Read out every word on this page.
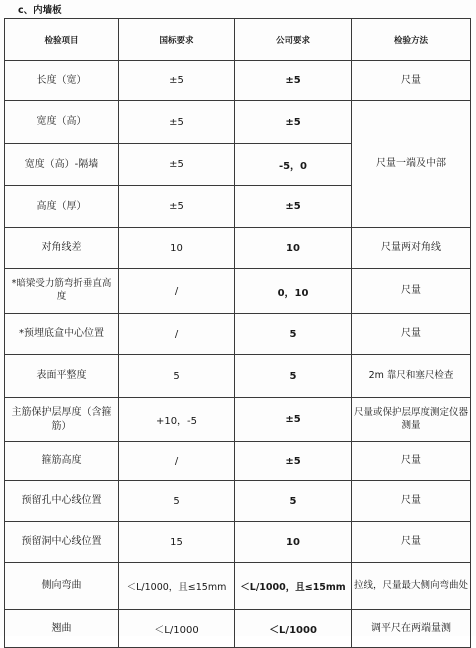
c、内墙板
检验项目	国标要求	公司要求	检验方法
长度（宽）	±5	±5	尺量
宽度（高）	±5	±5	尺量一端及中部
宽度（高）-隔墙	±5	-5，0	
高度（厚）	±5	±5	
对角线差	10	10	尺量两对角线
*暗梁受力筋弯折垂直高度	/	0，10	尺量
*预埋底盒中心位置	/	5	尺量
表面平整度	5	5	2m 靠尺和塞尺检查
主筋保护层厚度（含箍筋）	+10，-5	±5	尺量或保护层厚度测定仪器测量
箍筋高度	/	±5	尺量
预留孔中心线位置	5	5	尺量
预留洞中心线位置	15	10	尺量
侧向弯曲	＜L/1000，且≤15mm	＜L/1000，且≤15mm	拉线，尺量最大侧向弯曲处
翘曲	＜L/1000	＜L/1000	调平尺在两端量测
